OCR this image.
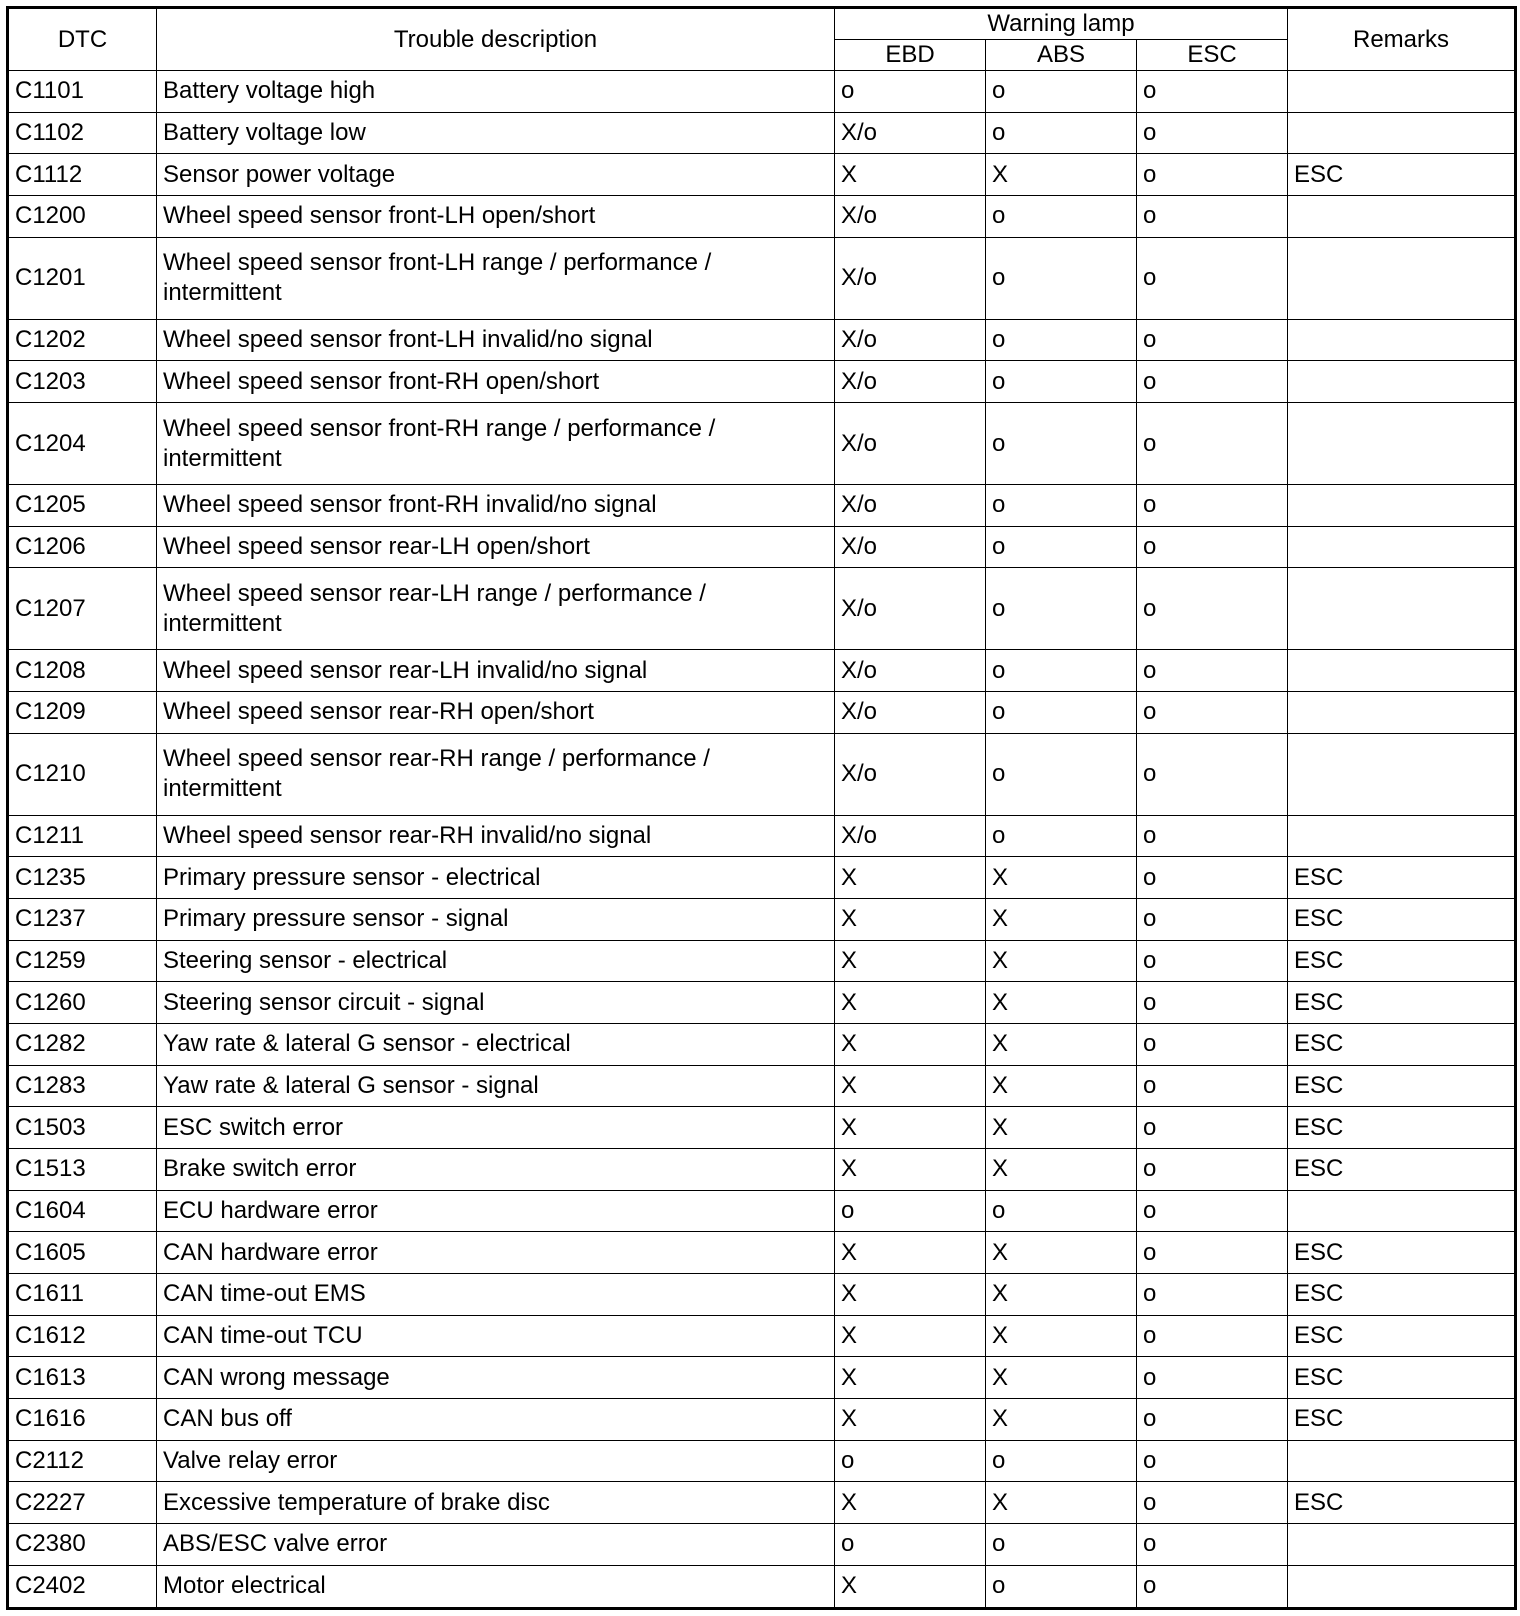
DTC	Trouble description	Warning lamp			Remarks
		EBD	ABS	ESC	
C1101	Battery voltage high	o	o	o	
C1102	Battery voltage low	X/o	o	o	
C1112	Sensor power voltage	X	X	o	ESC
C1200	Wheel speed sensor front-LH open/short	X/o	o	o	
C1201	Wheel speed sensor front-LH range / performance / intermittent	X/o	o	o	
C1202	Wheel speed sensor front-LH invalid/no signal	X/o	o	o	
C1203	Wheel speed sensor front-RH open/short	X/o	o	o	
C1204	Wheel speed sensor front-RH range / performance / intermittent	X/o	o	o	
C1205	Wheel speed sensor front-RH invalid/no signal	X/o	o	o	
C1206	Wheel speed sensor rear-LH open/short	X/o	o	o	
C1207	Wheel speed sensor rear-LH range / performance / intermittent	X/o	o	o	
C1208	Wheel speed sensor rear-LH invalid/no signal	X/o	o	o	
C1209	Wheel speed sensor rear-RH open/short	X/o	o	o	
C1210	Wheel speed sensor rear-RH range / performance / intermittent	X/o	o	o	
C1211	Wheel speed sensor rear-RH invalid/no signal	X/o	o	o	
C1235	Primary pressure sensor - electrical	X	X	o	ESC
C1237	Primary pressure sensor - signal	X	X	o	ESC
C1259	Steering sensor - electrical	X	X	o	ESC
C1260	Steering sensor circuit - signal	X	X	o	ESC
C1282	Yaw rate & lateral G sensor - electrical	X	X	o	ESC
C1283	Yaw rate & lateral G sensor - signal	X	X	o	ESC
C1503	ESC switch error	X	X	o	ESC
C1513	Brake switch error	X	X	o	ESC
C1604	ECU hardware error	o	o	o	
C1605	CAN hardware error	X	X	o	ESC
C1611	CAN time-out EMS	X	X	o	ESC
C1612	CAN time-out TCU	X	X	o	ESC
C1613	CAN wrong message	X	X	o	ESC
C1616	CAN bus off	X	X	o	ESC
C2112	Valve relay error	o	o	o	
C2227	Excessive temperature of brake disc	X	X	o	ESC
C2380	ABS/ESC valve error	o	o	o	
C2402	Motor electrical	X	o	o	
